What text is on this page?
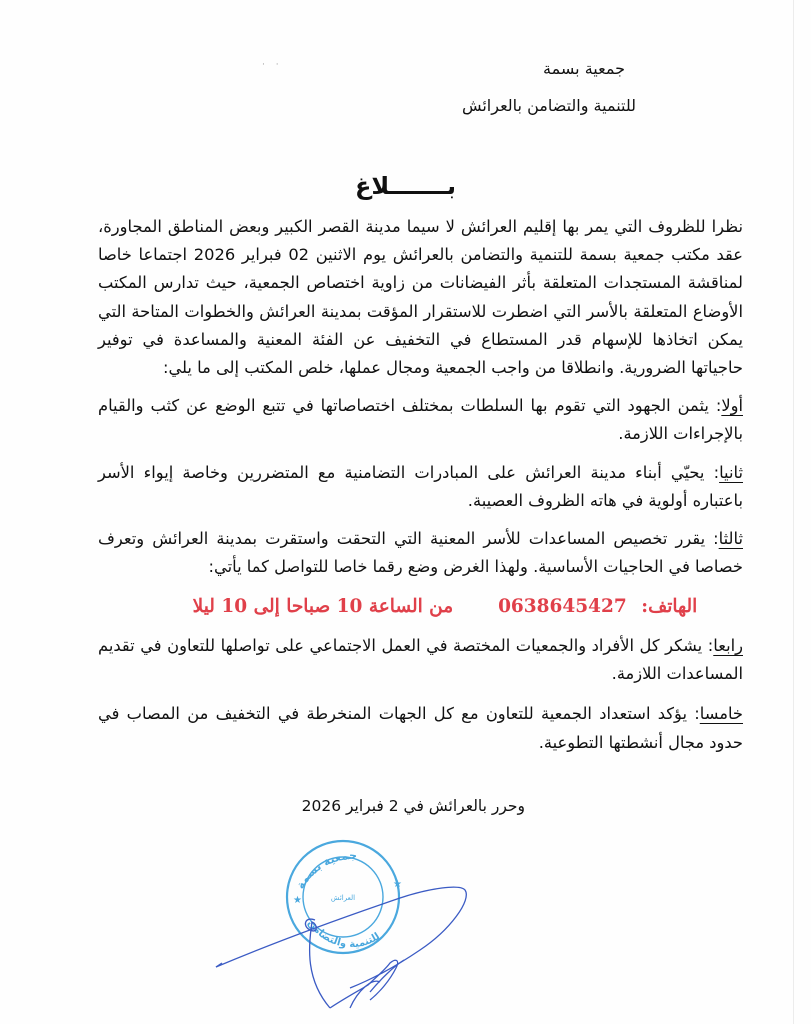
· ·	جمعية بسمة
للتنمية والتضامن بالعرائش
بـــــــلاغ

نظرا للظروف التي يمر بها إقليم العرائش لا سيما مدينة القصر الكبير وبعض المناطق المجاورة، عقد مكتب جمعية بسمة للتنمية والتضامن بالعرائش يوم الاثنين 02 فبراير 2026 اجتماعا خاصا لمناقشة المستجدات المتعلقة بأثر الفيضانات من زاوية اختصاص الجمعية، حيث تدارس المكتب الأوضاع المتعلقة بالأسر التي اضطرت للاستقرار المؤقت بمدينة العرائش والخطوات المتاحة التي يمكن اتخاذها للإسهام قدر المستطاع في التخفيف عن الفئة المعنية والمساعدة في توفير حاجياتها الضرورية. وانطلاقا من واجب الجمعية ومجال عملها، خلص المكتب إلى ما يلي:

أولا: يثمن الجهود التي تقوم بها السلطات بمختلف اختصاصاتها في تتبع الوضع عن كثب والقيام بالإجراءات اللازمة.

ثانيا: يحيّي أبناء مدينة العرائش على المبادرات التضامنية مع المتضررين وخاصة إيواء الأسر باعتباره أولوية في هاته الظروف العصيبة.

ثالثا: يقرر تخصيص المساعدات للأسر المعنية التي التحقت واستقرت بمدينة العرائش وتعرف خصاصا في الحاجيات الأساسية. ولهذا الغرض وضع رقما خاصا للتواصل كما يأتي:

الهاتف: 0638645427  من الساعة 10 صباحا إلى 10 ليلا

رابعا: يشكر كل الأفراد والجمعيات المختصة في العمل الاجتماعي على تواصلها للتعاون في تقديم المساعدات اللازمة.

خامسا: يؤكد استعداد الجمعية للتعاون مع كل الجهات المنخرطة في التخفيف من المصاب في حدود مجال أنشطتها التطوعية.

وحرر بالعرائش في 2 فبراير 2026
★
★
جمعية بسمة
للتنمية والتضامن
العرائش
